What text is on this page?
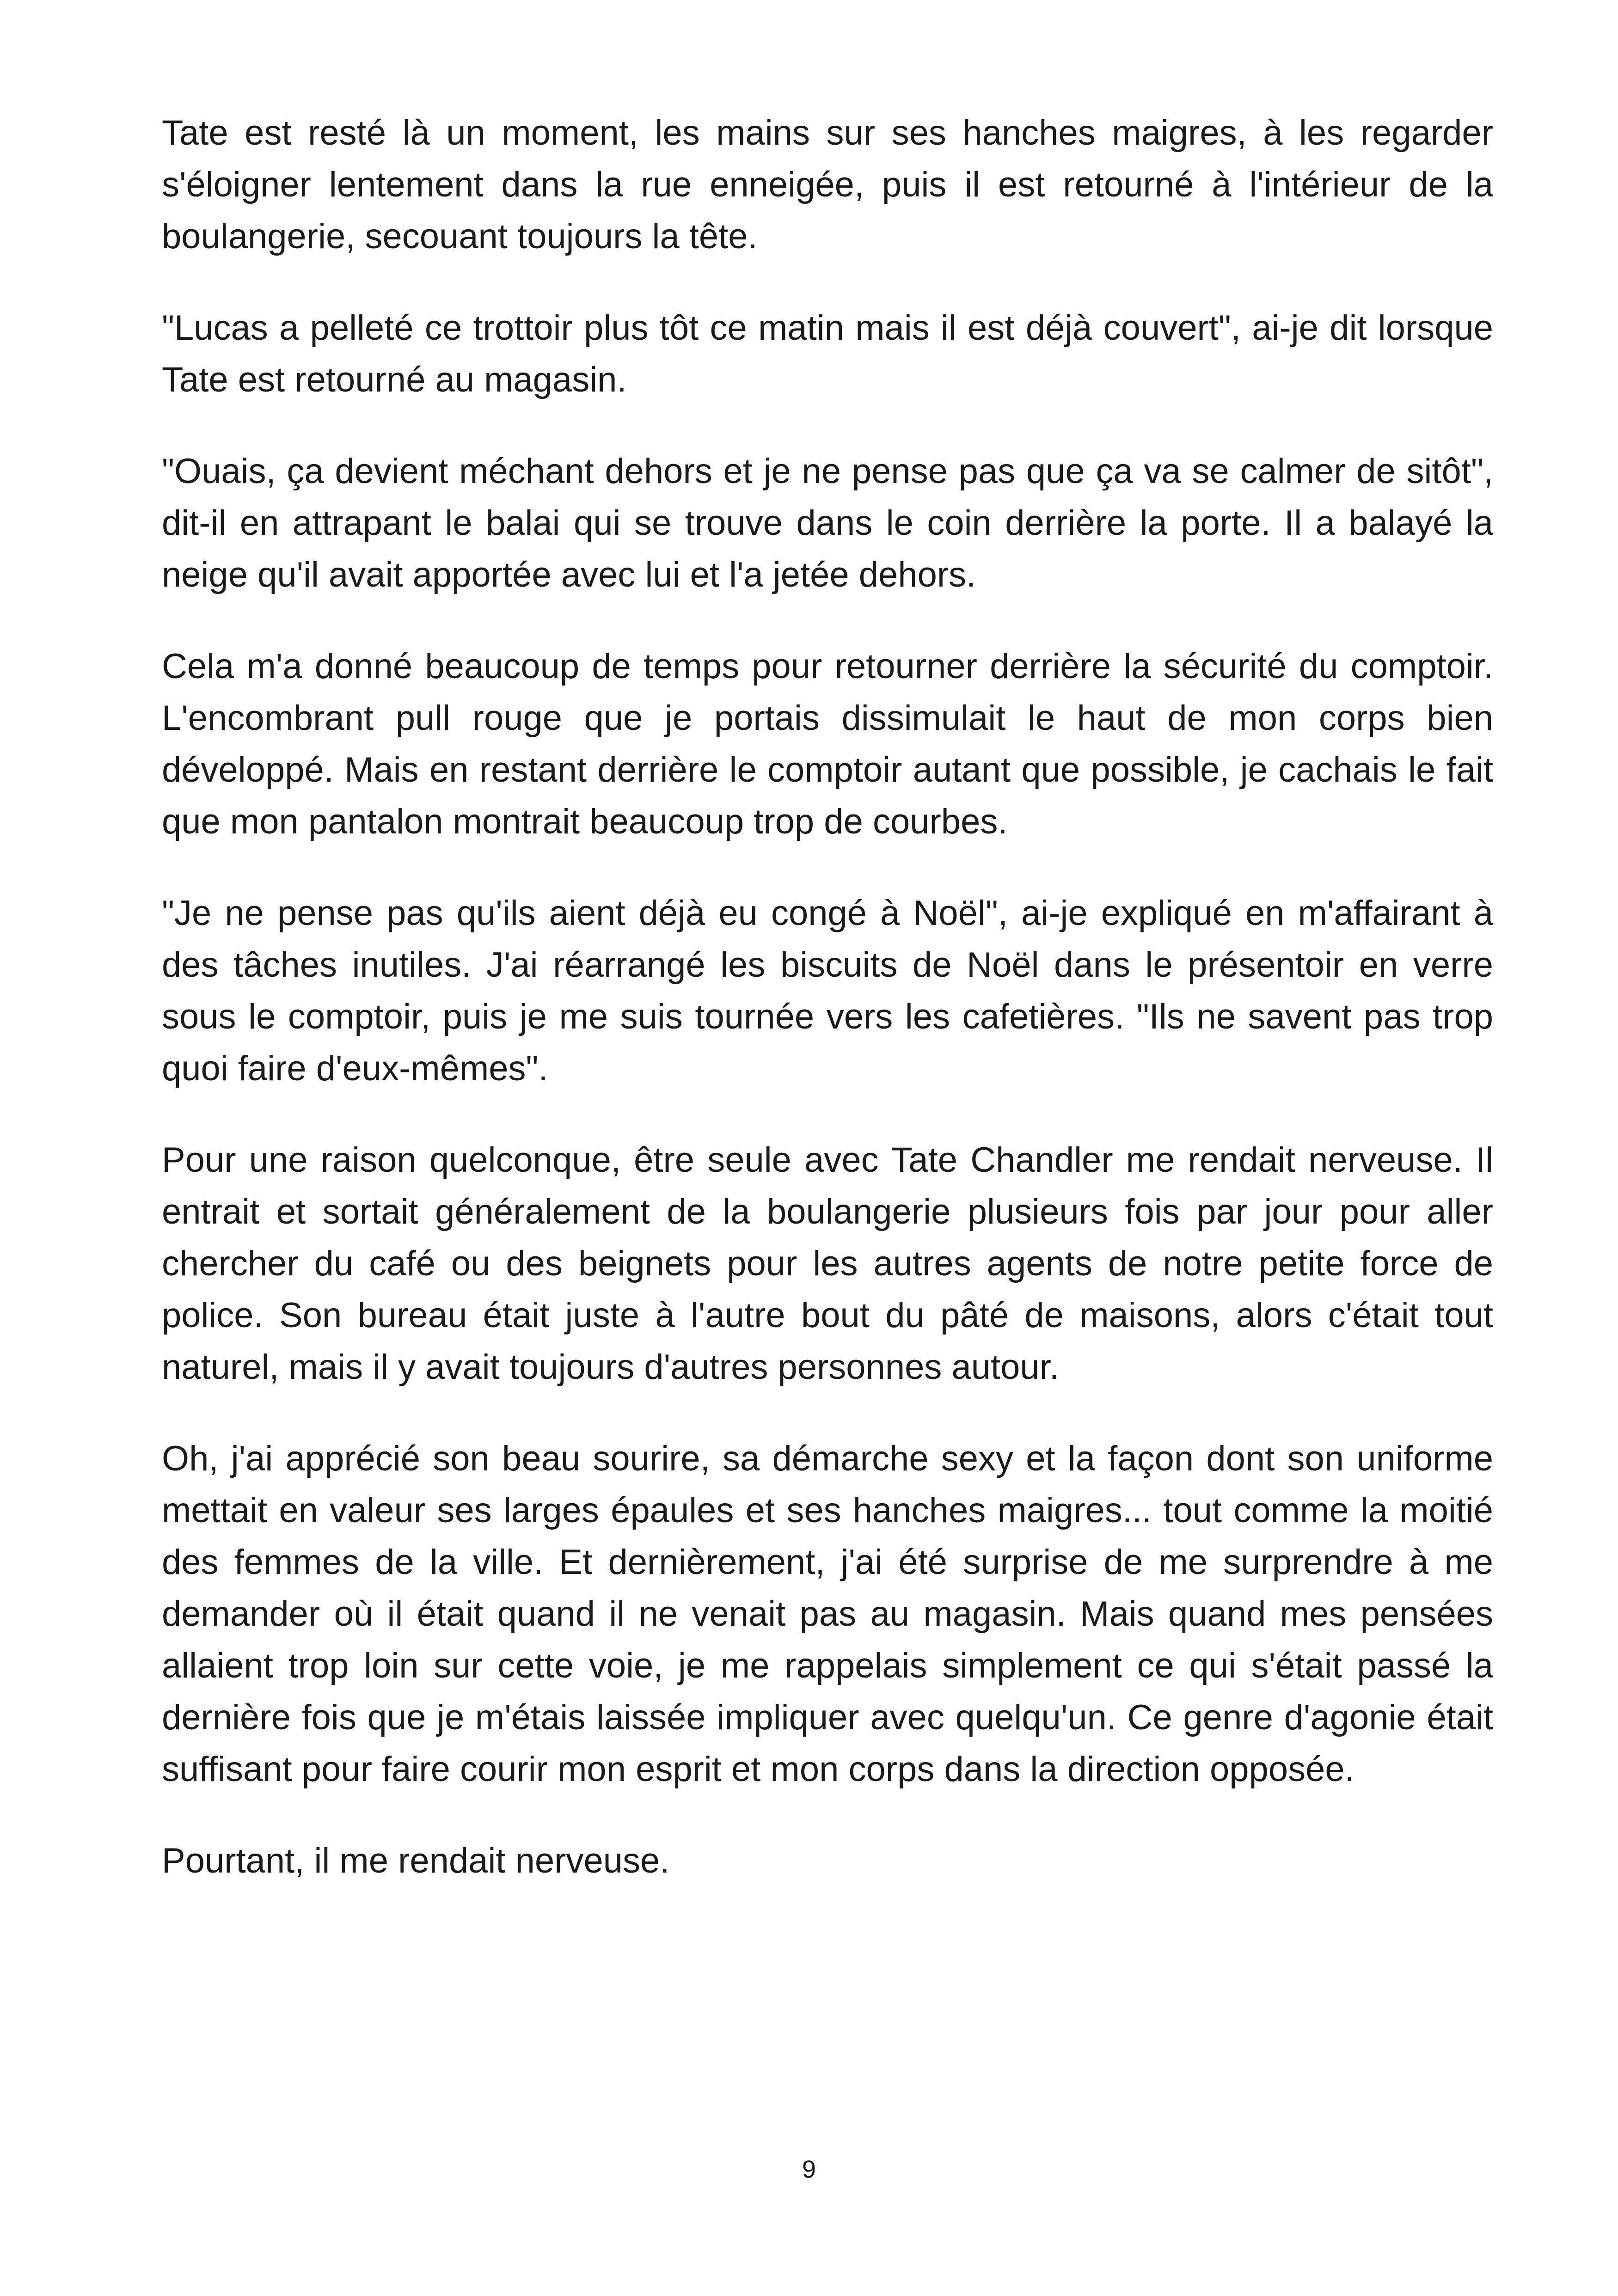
Tate est resté là un moment, les mains sur ses hanches maigres, à les regarder s'éloigner lentement dans la rue enneigée, puis il est retourné à l'intérieur de la boulangerie, secouant toujours la tête.

"Lucas a pelleté ce trottoir plus tôt ce matin mais il est déjà couvert", ai-je dit lorsque Tate est retourné au magasin.

"Ouais, ça devient méchant dehors et je ne pense pas que ça va se calmer de sitôt", dit-il en attrapant le balai qui se trouve dans le coin derrière la porte. Il a balayé la neige qu'il avait apportée avec lui et l'a jetée dehors.

Cela m'a donné beaucoup de temps pour retourner derrière la sécurité du comptoir. L'encombrant pull rouge que je portais dissimulait le haut de mon corps bien développé. Mais en restant derrière le comptoir autant que possible, je cachais le fait que mon pantalon montrait beaucoup trop de courbes.

"Je ne pense pas qu'ils aient déjà eu congé à Noël", ai-je expliqué en m'affairant à des tâches inutiles. J'ai réarrangé les biscuits de Noël dans le présentoir en verre sous le comptoir, puis je me suis tournée vers les cafetières. "Ils ne savent pas trop quoi faire d'eux-mêmes".

Pour une raison quelconque, être seule avec Tate Chandler me rendait nerveuse. Il entrait et sortait généralement de la boulangerie plusieurs fois par jour pour aller chercher du café ou des beignets pour les autres agents de notre petite force de police. Son bureau était juste à l'autre bout du pâté de maisons, alors c'était tout naturel, mais il y avait toujours d'autres personnes autour.

Oh, j'ai apprécié son beau sourire, sa démarche sexy et la façon dont son uniforme mettait en valeur ses larges épaules et ses hanches maigres... tout comme la moitié des femmes de la ville. Et dernièrement, j'ai été surprise de me surprendre à me demander où il était quand il ne venait pas au magasin. Mais quand mes pensées allaient trop loin sur cette voie, je me rappelais simplement ce qui s'était passé la dernière fois que je m'étais laissée impliquer avec quelqu'un. Ce genre d'agonie était suffisant pour faire courir mon esprit et mon corps dans la direction opposée.

Pourtant, il me rendait nerveuse.

9
